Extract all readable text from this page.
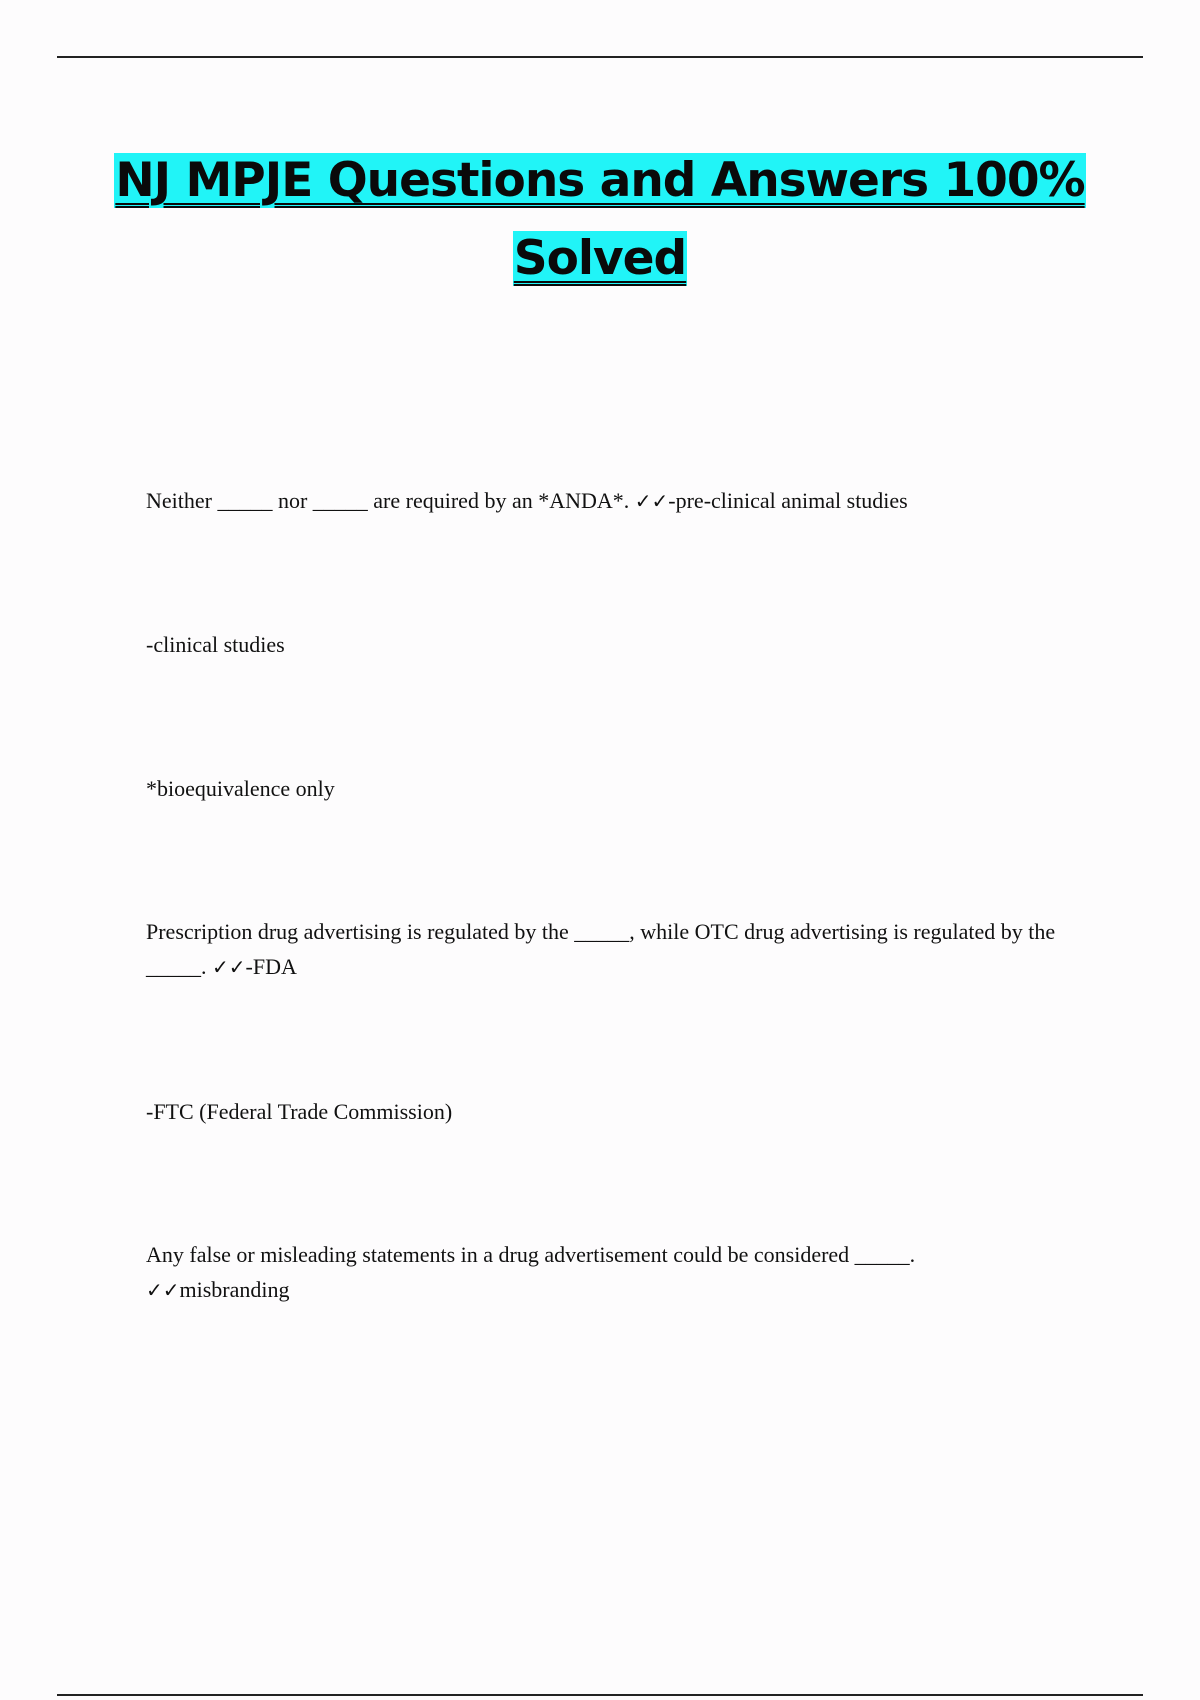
NJ MPJE Questions and Answers 100%
Solved
Neither _____ nor _____ are required by an *ANDA*. ✓✓-pre-clinical animal studies
-clinical studies
*bioequivalence only
Prescription drug advertising is regulated by the _____, while OTC drug advertising is regulated by the _____. ✓✓-FDA
-FTC (Federal Trade Commission)
Any false or misleading statements in a drug advertisement could be considered _____.
✓✓misbranding
